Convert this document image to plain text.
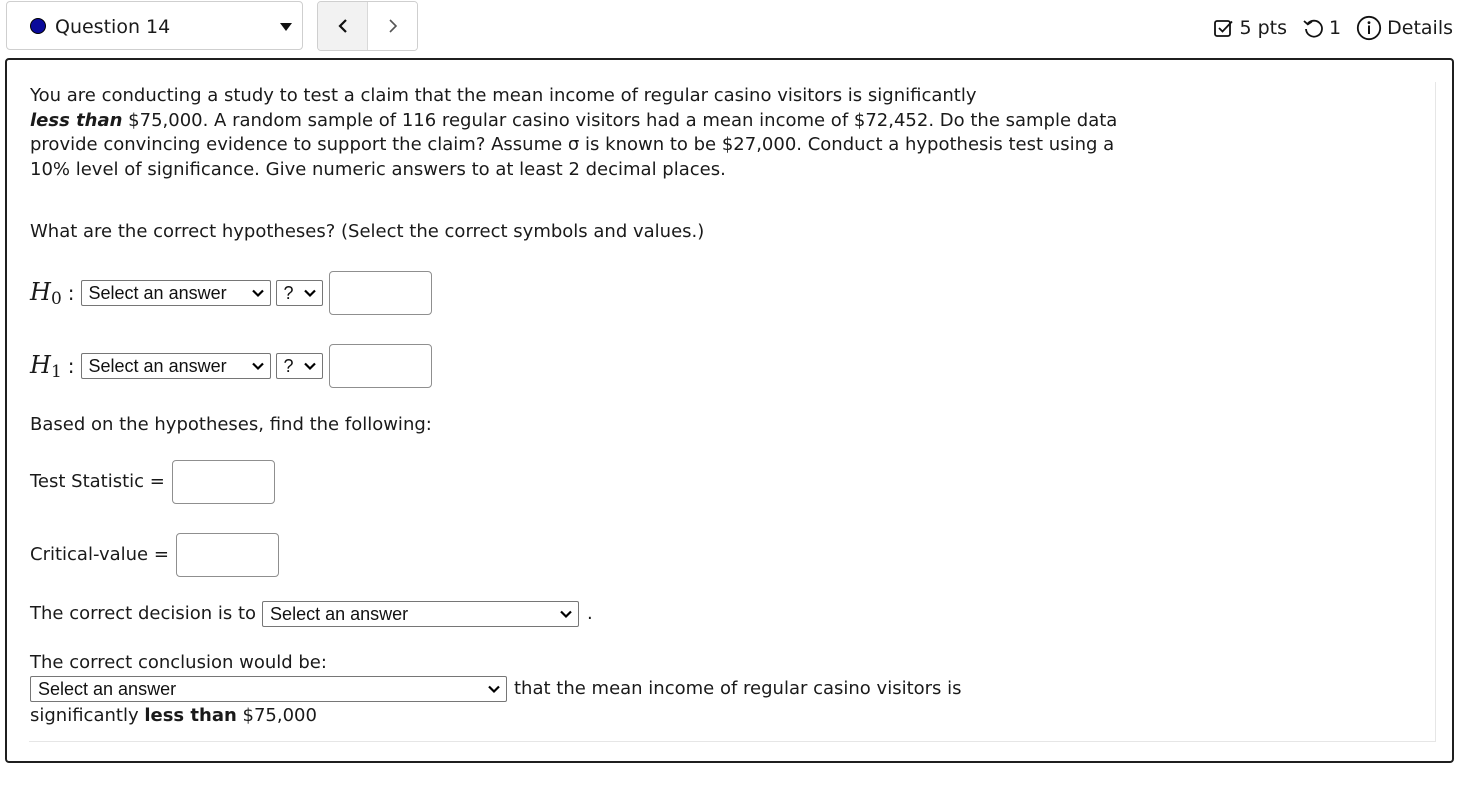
Question 14	5 pts 1 Details

You are conducting a study to test a claim that the mean income of regular casino visitors is significantly
less than $75,000. A random sample of 116 regular casino visitors had a mean income of $72,452. Do the sample data provide convincing evidence to support the claim? Assume σ is known to be $27,000. Conduct a hypothesis test using a 10% level of significance. Give numeric answers to at least 2 decimal places.

What are the correct hypotheses? (Select the correct symbols and values.)
$H_0$ : Select an answer	?
$H_1$ : Select an answer	?
Based on the hypotheses, find the following:
Test Statistic =
Critical-value =
The correct decision is to Select an answer	.
The correct conclusion would be:
Select an answer	that the mean income of regular casino visitors is
significantly less than $75,000
